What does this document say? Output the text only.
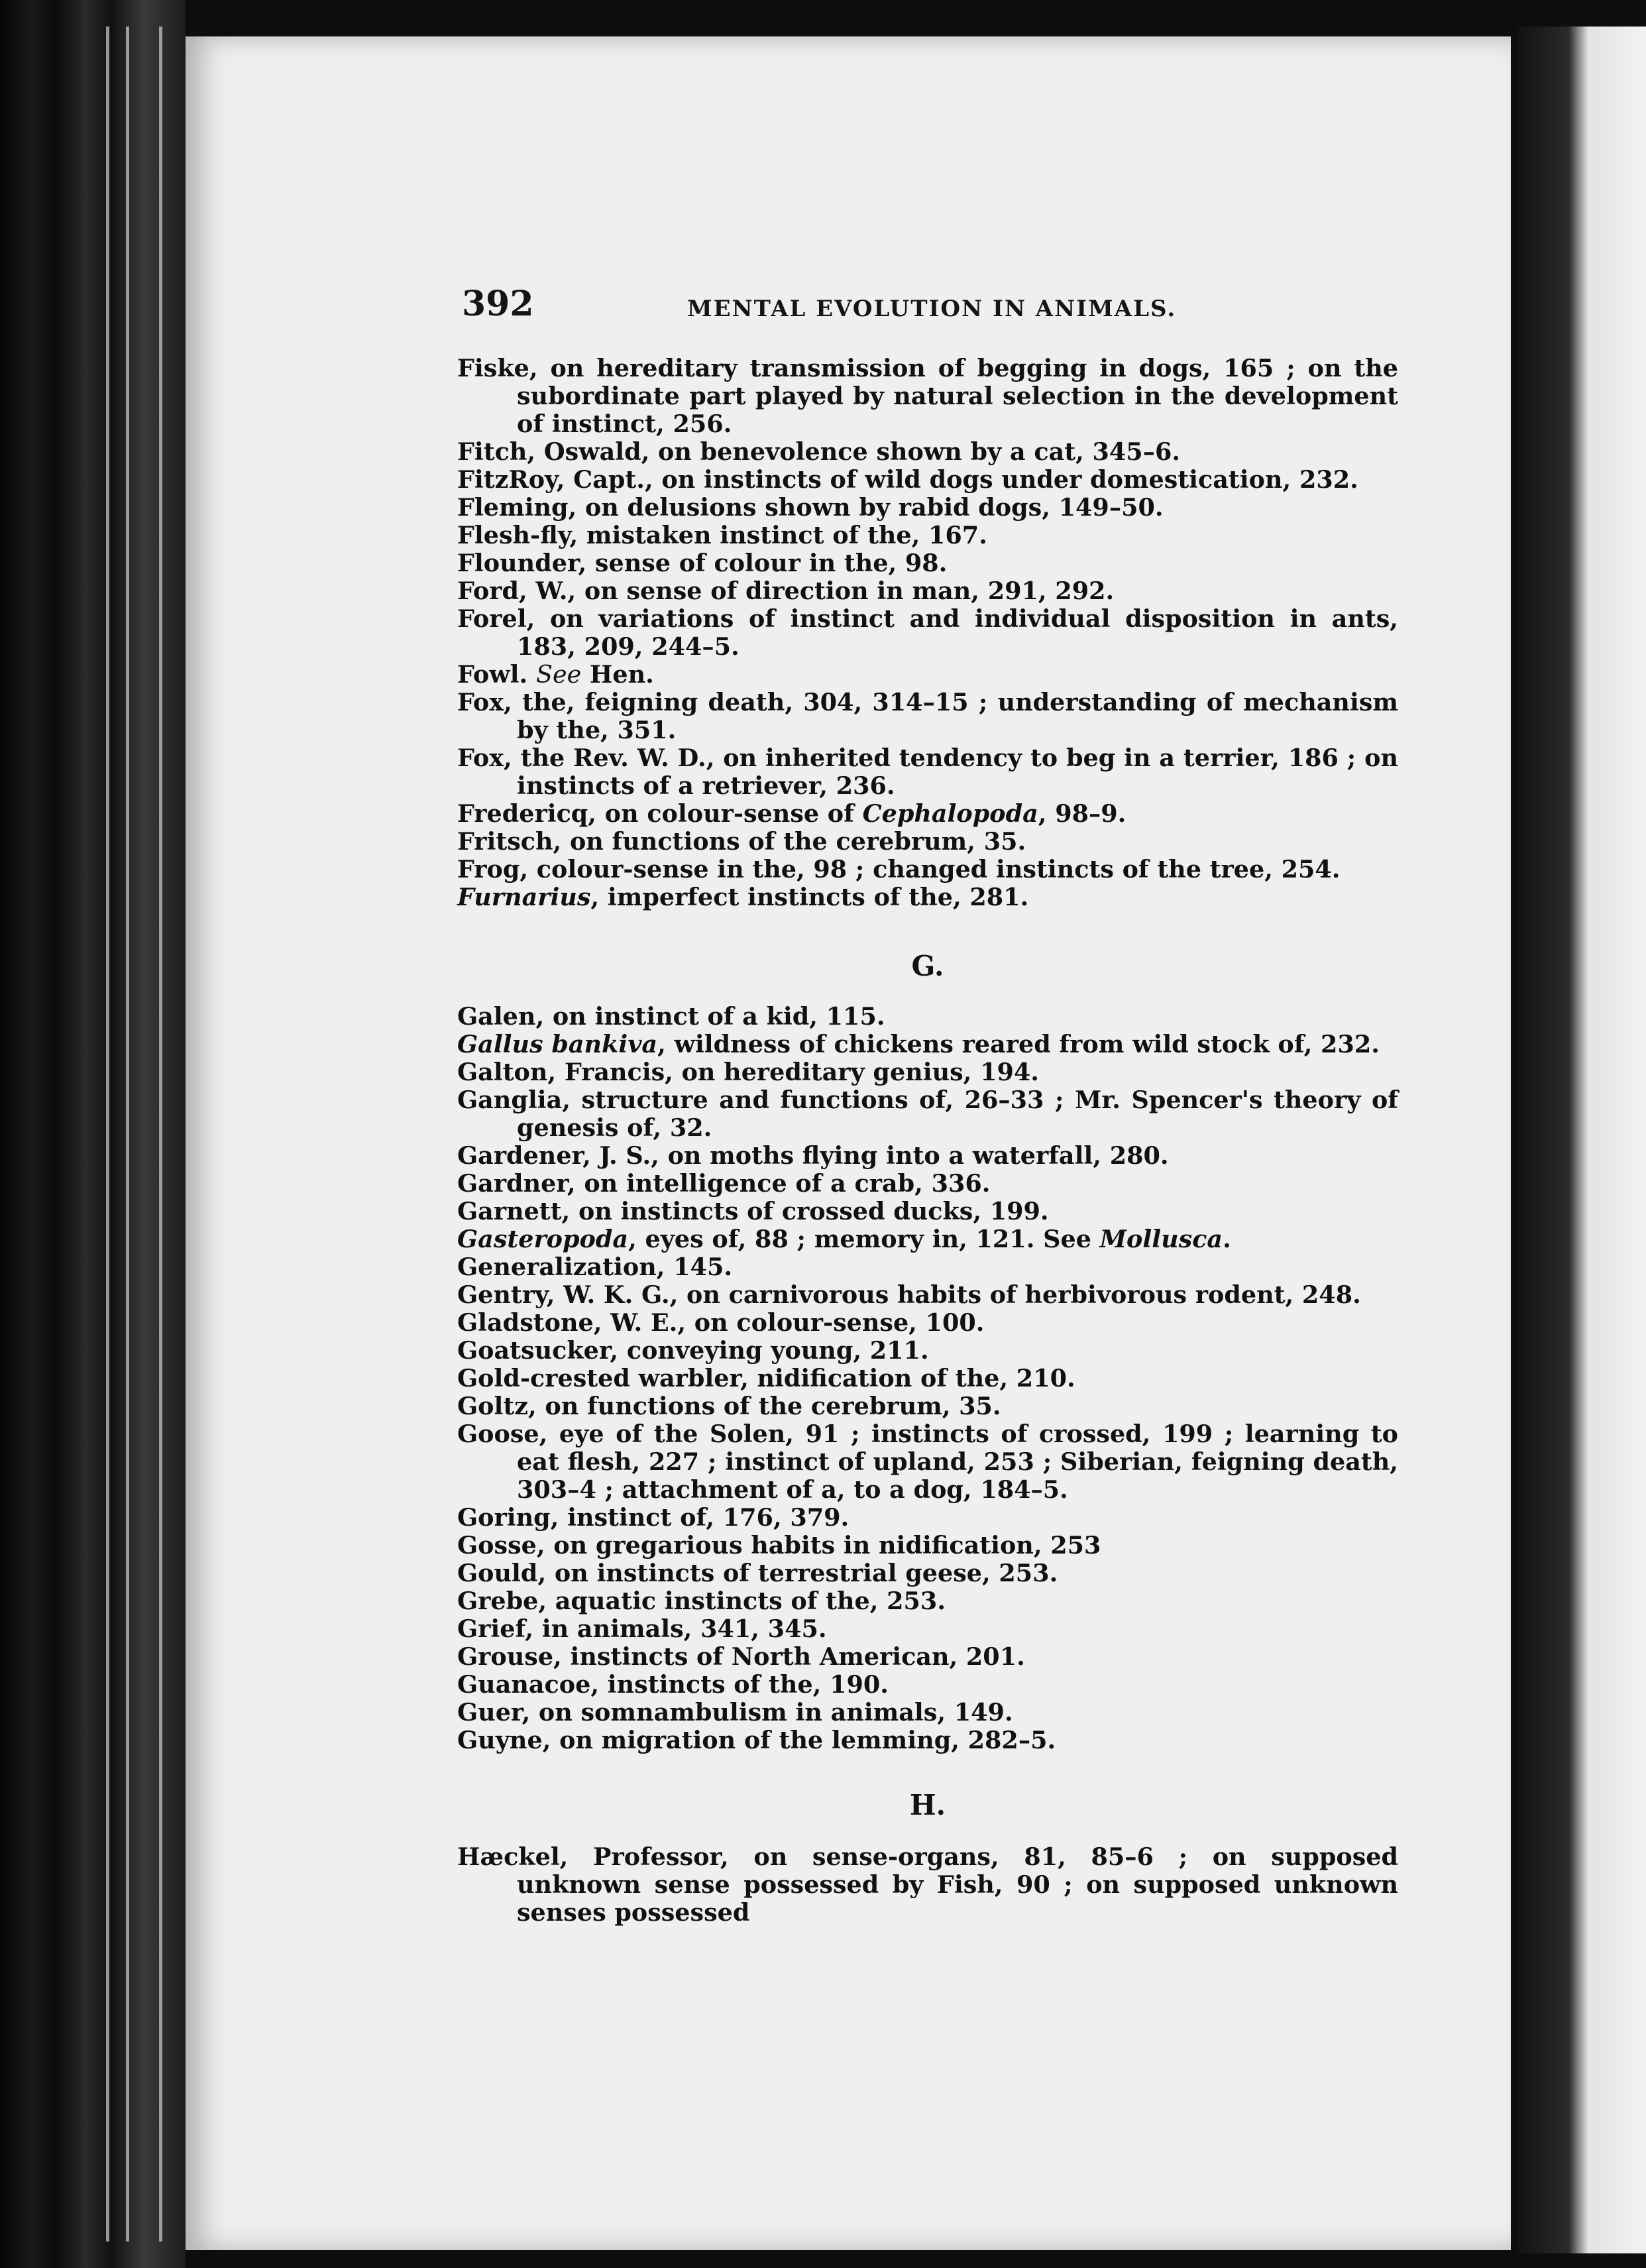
392	MENTAL EVOLUTION IN ANIMALS.

Fiske, on hereditary transmission of begging in dogs, 165 ; on the subordinate part played by natural selection in the development of instinct, 256.

Fitch, Oswald, on benevolence shown by a cat, 345–6.

FitzRoy, Capt., on instincts of wild dogs under domestication, 232.

Fleming, on delusions shown by rabid dogs, 149–50.

Flesh-fly, mistaken instinct of the, 167.

Flounder, sense of colour in the, 98.

Ford, W., on sense of direction in man, 291, 292.

Forel, on variations of instinct and individual disposition in ants, 183, 209, 244–5.

Fowl. See Hen.

Fox, the, feigning death, 304, 314–15 ; understanding of mechanism by the, 351.

Fox, the Rev. W. D., on inherited tendency to beg in a terrier, 186 ; on instincts of a retriever, 236.

Fredericq, on colour-sense of Cephalopoda, 98–9.

Fritsch, on functions of the cerebrum, 35.

Frog, colour-sense in the, 98 ; changed instincts of the tree, 254.

Furnarius, imperfect instincts of the, 281.

G.

Galen, on instinct of a kid, 115.

Gallus bankiva, wildness of chickens reared from wild stock of, 232.

Galton, Francis, on hereditary genius, 194.

Ganglia, structure and functions of, 26–33 ; Mr. Spencer's theory of genesis of, 32.

Gardener, J. S., on moths flying into a waterfall, 280.

Gardner, on intelligence of a crab, 336.

Garnett, on instincts of crossed ducks, 199.

Gasteropoda, eyes of, 88 ; memory in, 121. See Mollusca.

Generalization, 145.

Gentry, W. K. G., on carnivorous habits of herbivorous rodent, 248.

Gladstone, W. E., on colour-sense, 100.

Goatsucker, conveying young, 211.

Gold-crested warbler, nidification of the, 210.

Goltz, on functions of the cerebrum, 35.

Goose, eye of the Solen, 91 ; instincts of crossed, 199 ; learning to eat flesh, 227 ; instinct of upland, 253 ; Siberian, feigning death, 303–4 ; attachment of a, to a dog, 184–5.

Goring, instinct of, 176, 379.

Gosse, on gregarious habits in nidification, 253

Gould, on instincts of terrestrial geese, 253.

Grebe, aquatic instincts of the, 253.

Grief, in animals, 341, 345.

Grouse, instincts of North American, 201.

Guanacoe, instincts of the, 190.

Guer, on somnambulism in animals, 149.

Guyne, on migration of the lemming, 282–5.

H.

Hæckel, Professor, on sense-organs, 81, 85–6 ; on supposed unknown sense possessed by Fish, 90 ; on supposed unknown senses possessed
